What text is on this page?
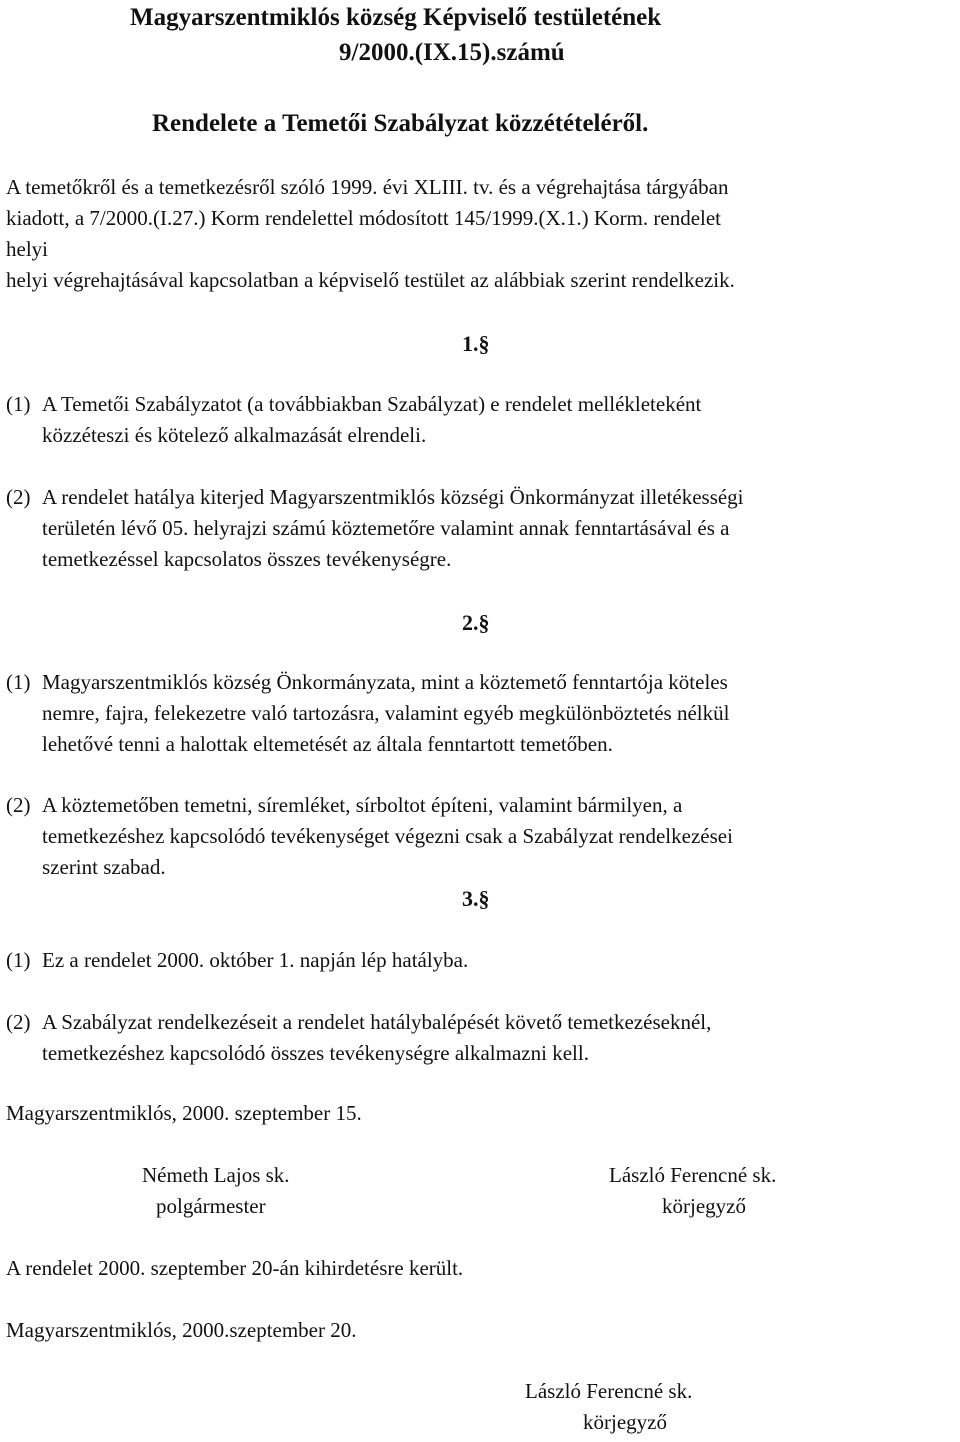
Magyarszentmiklós község Képviselő testületének
9/2000.(IX.15).számú
Rendelete a Temetői Szabályzat közzétételéről.
A temetőkről és a temetkezésről szóló 1999. évi XLIII. tv. és a végrehajtása tárgyában
kiadott, a 7/2000.(I.27.) Korm rendelettel módosított 145/1999.(X.1.) Korm. rendelet
helyi
helyi végrehajtásával kapcsolatban a képviselő testület az alábbiak szerint rendelkezik.
1.§
(1) A Temetői Szabályzatot (a továbbiakban Szabályzat) e rendelet mellékleteként
közzéteszi és kötelező alkalmazását elrendeli.
(2) A rendelet hatálya kiterjed Magyarszentmiklós községi Önkormányzat illetékességi
területén lévő 05. helyrajzi számú köztemetőre valamint annak fenntartásával és a
temetkezéssel kapcsolatos összes tevékenységre.
2.§
(1) Magyarszentmiklós község Önkormányzata, mint a köztemető fenntartója köteles
nemre, fajra, felekezetre való tartozásra, valamint egyéb megkülönböztetés nélkül
lehetővé tenni a halottak eltemetését az általa fenntartott temetőben.
(2) A köztemetőben temetni, síremléket, sírboltot építeni, valamint bármilyen, a
temetkezéshez kapcsolódó tevékenységet végezni csak a Szabályzat rendelkezései
szerint szabad.
3.§
(1) Ez a rendelet 2000. október 1. napján lép hatályba.
(2) A Szabályzat rendelkezéseit a rendelet hatálybalépését követő temetkezéseknél,
temetkezéshez kapcsolódó összes tevékenységre alkalmazni kell.
Magyarszentmiklós, 2000. szeptember 15.
Németh Lajos sk.
polgármester
László Ferencné sk.
körjegyző
A rendelet 2000. szeptember 20-án kihirdetésre került.
Magyarszentmiklós, 2000.szeptember 20.
László Ferencné sk.
körjegyző
